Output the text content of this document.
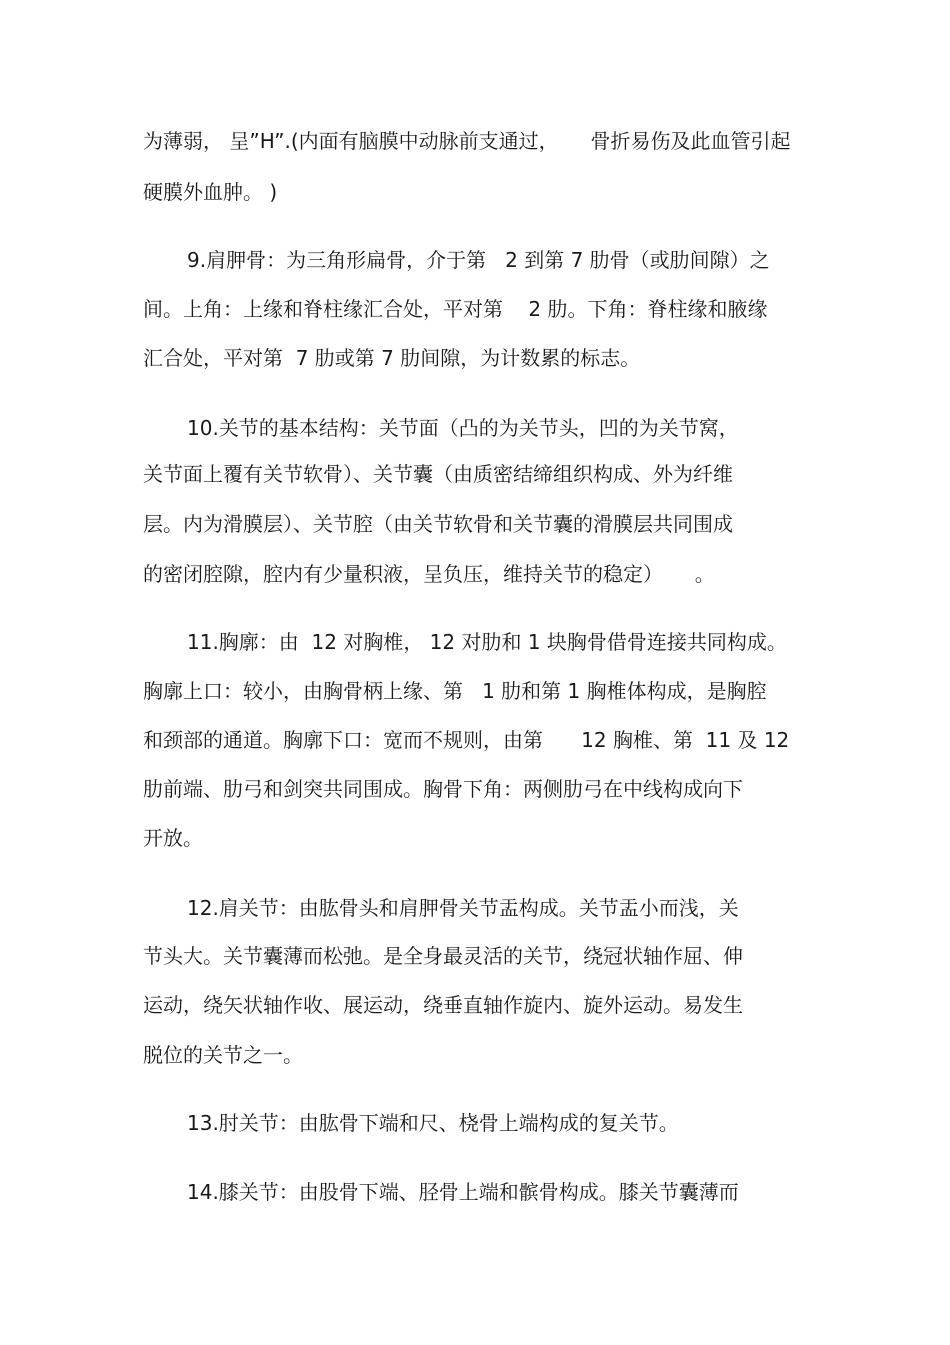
为薄弱， 呈”H”.(内面有脑膜中动脉前支通过，     骨折易伤及此血管引起
硬膜外血肿。 )
9.肩胛骨：为三角形扁骨，介于第   2 到第 7 肋骨（或肋间隙）之
间。上角：上缘和脊柱缘汇合处，平对第    2 肋。下角：脊柱缘和腋缘
汇合处，平对第  7 肋或第 7 肋间隙，为计数累的标志。
10.关节的基本结构：关节面（凸的为关节头，凹的为关节窝，
关节面上覆有关节软骨）、关节囊（由质密结缔组织构成、外为纤维
层。内为滑膜层）、关节腔（由关节软骨和关节囊的滑膜层共同围成
的密闭腔隙，腔内有少量积液，呈负压，维持关节的稳定）     。
11.胸廓：由  12 对胸椎， 12 对肋和 1 块胸骨借骨连接共同构成。
胸廓上口：较小，由胸骨柄上缘、第   1 肋和第 1 胸椎体构成，是胸腔
和颈部的通道。胸廓下口：宽而不规则，由第      12 胸椎、第  11 及 12
肋前端、肋弓和剑突共同围成。胸骨下角：两侧肋弓在中线构成向下
开放。
12.肩关节：由肱骨头和肩胛骨关节盂构成。关节盂小而浅，关
节头大。关节囊薄而松弛。是全身最灵活的关节，绕冠状轴作屈、伸
运动，绕矢状轴作收、展运动，绕垂直轴作旋内、旋外运动。易发生
脱位的关节之一。
13.肘关节：由肱骨下端和尺、桡骨上端构成的复关节。
14.膝关节：由股骨下端、胫骨上端和髌骨构成。膝关节囊薄而
